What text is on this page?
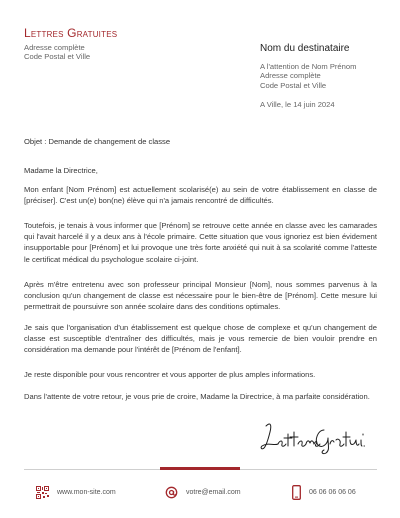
Lettres Gratuites
Adresse complète
Code Postal et Ville
Nom du destinataire
A l'attention de Nom Prénom
Adresse complète
Code Postal et Ville
A Ville, le 14 juin 2024
Objet : Demande de changement de classe
Madame la Directrice,

Mon enfant [Nom Prénom] est actuellement scolarisé(e) au sein de votre établissement en classe de [préciser]. C'est un(e) bon(ne) élève qui n'a jamais rencontré de difficultés.

Toutefois, je tenais à vous informer que [Prénom] se retrouve cette année en classe avec les camarades qui l'avait harcelé il y a deux ans à l'école primaire. Cette situation que vous ignoriez est bien évidement insupportable pour [Prénom] et lui provoque une très forte anxiété qui nuit à sa scolarité comme l'atteste le certificat médical du psychologue scolaire ci-joint.

Après m'être entretenu avec son professeur principal Monsieur [Nom], nous sommes parvenus à la conclusion qu'un changement de classe est nécessaire pour le bien-être de [Prénom]. Cette mesure lui permettrait de poursuivre son année scolaire dans des conditions optimales.

Je sais que l'organisation d'un établissement est quelque chose de complexe et qu'un changement de classe est susceptible d'entraîner des difficultés, mais je vous remercie de bien vouloir prendre en considération ma demande pour l'intérêt de [Prénom de l'enfant].

Je reste disponible pour vous rencontrer et vous apporter de plus amples informations.

Dans l'attente de votre retour, je vous prie de croire, Madame la Directrice, à ma parfaite considération.

www.mon-site.com	votre@email.com	06 06 06 06 06
